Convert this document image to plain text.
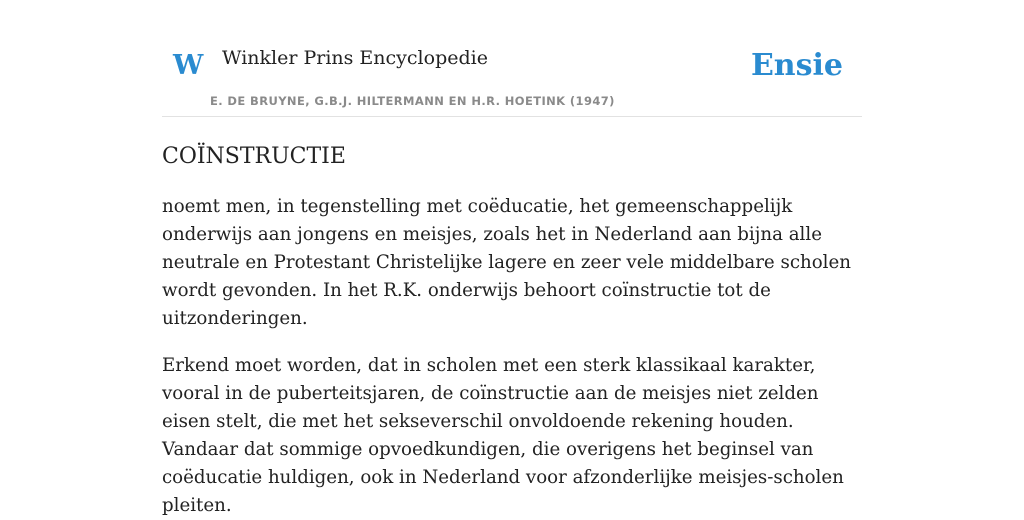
W Winkler Prins Encyclopedie
E. DE BRUYNE, G.B.J. HILTERMANN EN H.R. HOETINK (1947)
Ensie
COÏNSTRUCTIE

noemt men, in tegenstelling met coëducatie, het gemeenschappelijk onderwijs aan jongens en meisjes, zoals het in Nederland aan bijna alle neutrale en Protestant Christelijke lagere en zeer vele middelbare scholen wordt gevonden. In het R.K. onderwijs behoort coïnstructie tot de uitzonderingen.

Erkend moet worden, dat in scholen met een sterk klassikaal karakter, vooral in de puberteitsjaren, de coïnstructie aan de meisjes niet zelden eisen stelt, die met het sekseverschil onvoldoende rekening houden. Vandaar dat sommige opvoedkundigen, die overigens het beginsel van coëducatie huldigen, ook in Nederland voor afzonderlijke meisjes-scholen pleiten.
